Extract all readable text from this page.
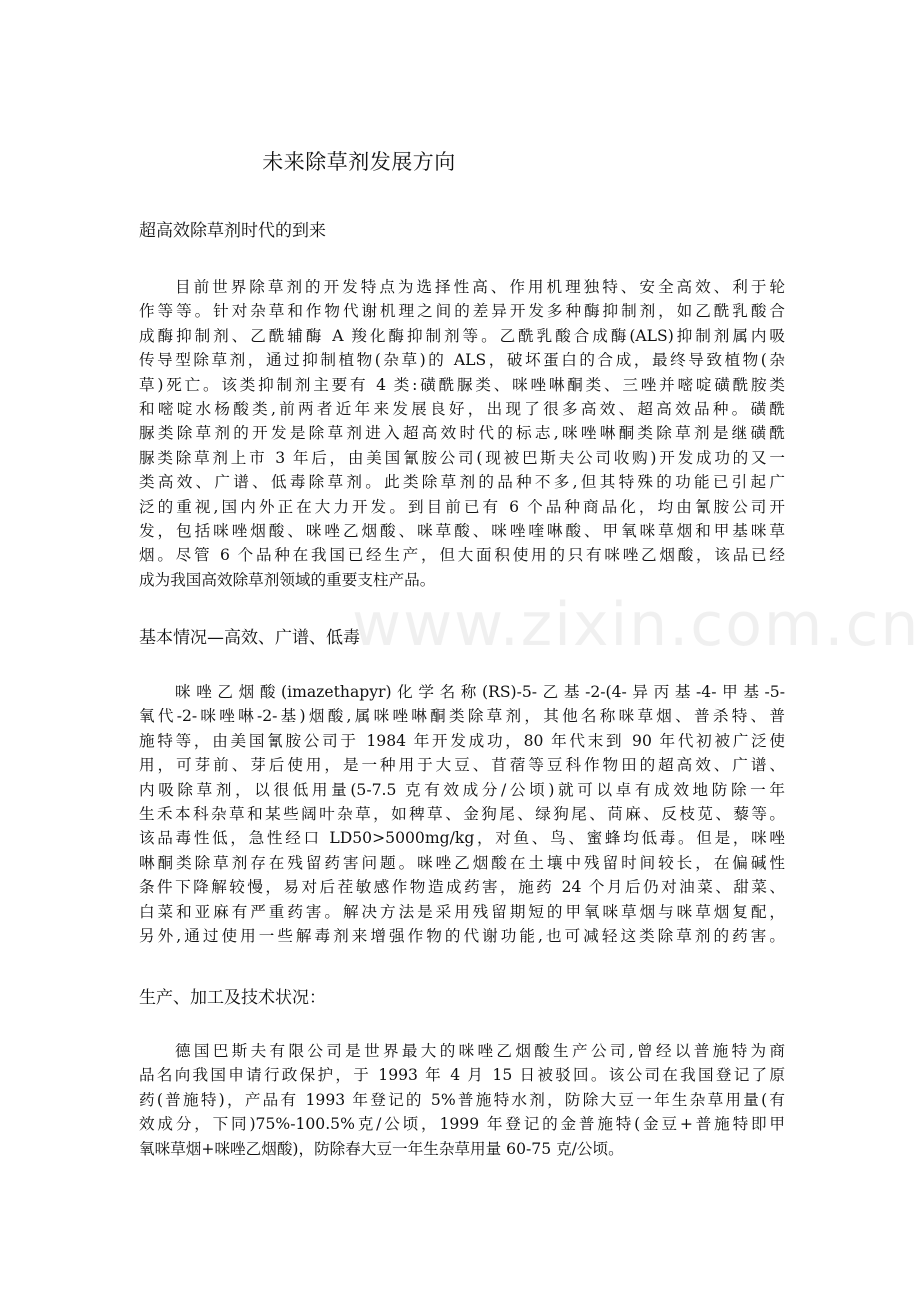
www.zixin.com.cn
未来除草剂发展方向
超高效除草剂时代的到来
目前世界除草剂的开发特点为选择性高、作用机理独特、安全高效、利于轮
作等等。针对杂草和作物代谢机理之间的差异开发多种酶抑制剂，如乙酰乳酸合
成酶抑制剂、乙酰辅酶 A 羧化酶抑制剂等。乙酰乳酸合成酶(ALS)抑制剂属内吸
传导型除草剂，通过抑制植物(杂草)的 ALS，破坏蛋白的合成，最终导致植物(杂
草)死亡。该类抑制剂主要有 4 类:磺酰脲类、咪唑啉酮类、三唑并嘧啶磺酰胺类
和嘧啶水杨酸类,前两者近年来发展良好，出现了很多高效、超高效品种。磺酰
脲类除草剂的开发是除草剂进入超高效时代的标志,咪唑啉酮类除草剂是继磺酰
脲类除草剂上市 3 年后，由美国氰胺公司(现被巴斯夫公司收购)开发成功的又一
类高效、广谱、低毒除草剂。此类除草剂的品种不多,但其特殊的功能已引起广
泛的重视,国内外正在大力开发。到目前已有 6 个品种商品化，均由氰胺公司开
发，包括咪唑烟酸、咪唑乙烟酸、咪草酸、咪唑喹啉酸、甲氧咪草烟和甲基咪草
烟。尽管 6 个品种在我国已经生产，但大面积使用的只有咪唑乙烟酸，该品已经
成为我国高效除草剂领域的重要支柱产品。
基本情况—高效、广谱、低毒
咪唑乙烟酸(imazethapyr)化学名称(RS)-5-乙基-2-(4-异丙基-4-甲基-5-
氧代-2-咪唑啉-2-基)烟酸,属咪唑啉酮类除草剂，其他名称咪草烟、普杀特、普
施特等，由美国氰胺公司于 1984 年开发成功，80 年代末到 90 年代初被广泛使
用，可芽前、芽后使用，是一种用于大豆、苜蓿等豆科作物田的超高效、广谱、
内吸除草剂，以很低用量(5-7.5 克有效成分/公顷)就可以卓有成效地防除一年
生禾本科杂草和某些阔叶杂草，如稗草、金狗尾、绿狗尾、苘麻、反枝苋、藜等。
该品毒性低，急性经口 LD50>5000mg/kg，对鱼、鸟、蜜蜂均低毒。但是，咪唑
啉酮类除草剂存在残留药害问题。咪唑乙烟酸在土壤中残留时间较长，在偏碱性
条件下降解较慢，易对后茬敏感作物造成药害，施药 24 个月后仍对油菜、甜菜、
白菜和亚麻有严重药害。解决方法是采用残留期短的甲氧咪草烟与咪草烟复配，
另外,通过使用一些解毒剂来增强作物的代谢功能,也可减轻这类除草剂的药害。
生产、加工及技术状况：
德国巴斯夫有限公司是世界最大的咪唑乙烟酸生产公司,曾经以普施特为商
品名向我国申请行政保护，于 1993 年 4 月 15 日被驳回。该公司在我国登记了原
药(普施特)，产品有 1993 年登记的 5%普施特水剂，防除大豆一年生杂草用量(有
效成分，下同)75%-100.5%克/公顷，1999 年登记的金普施特(金豆+普施特即甲
氧咪草烟+咪唑乙烟酸)，防除春大豆一年生杂草用量 60-75 克/公顷。
